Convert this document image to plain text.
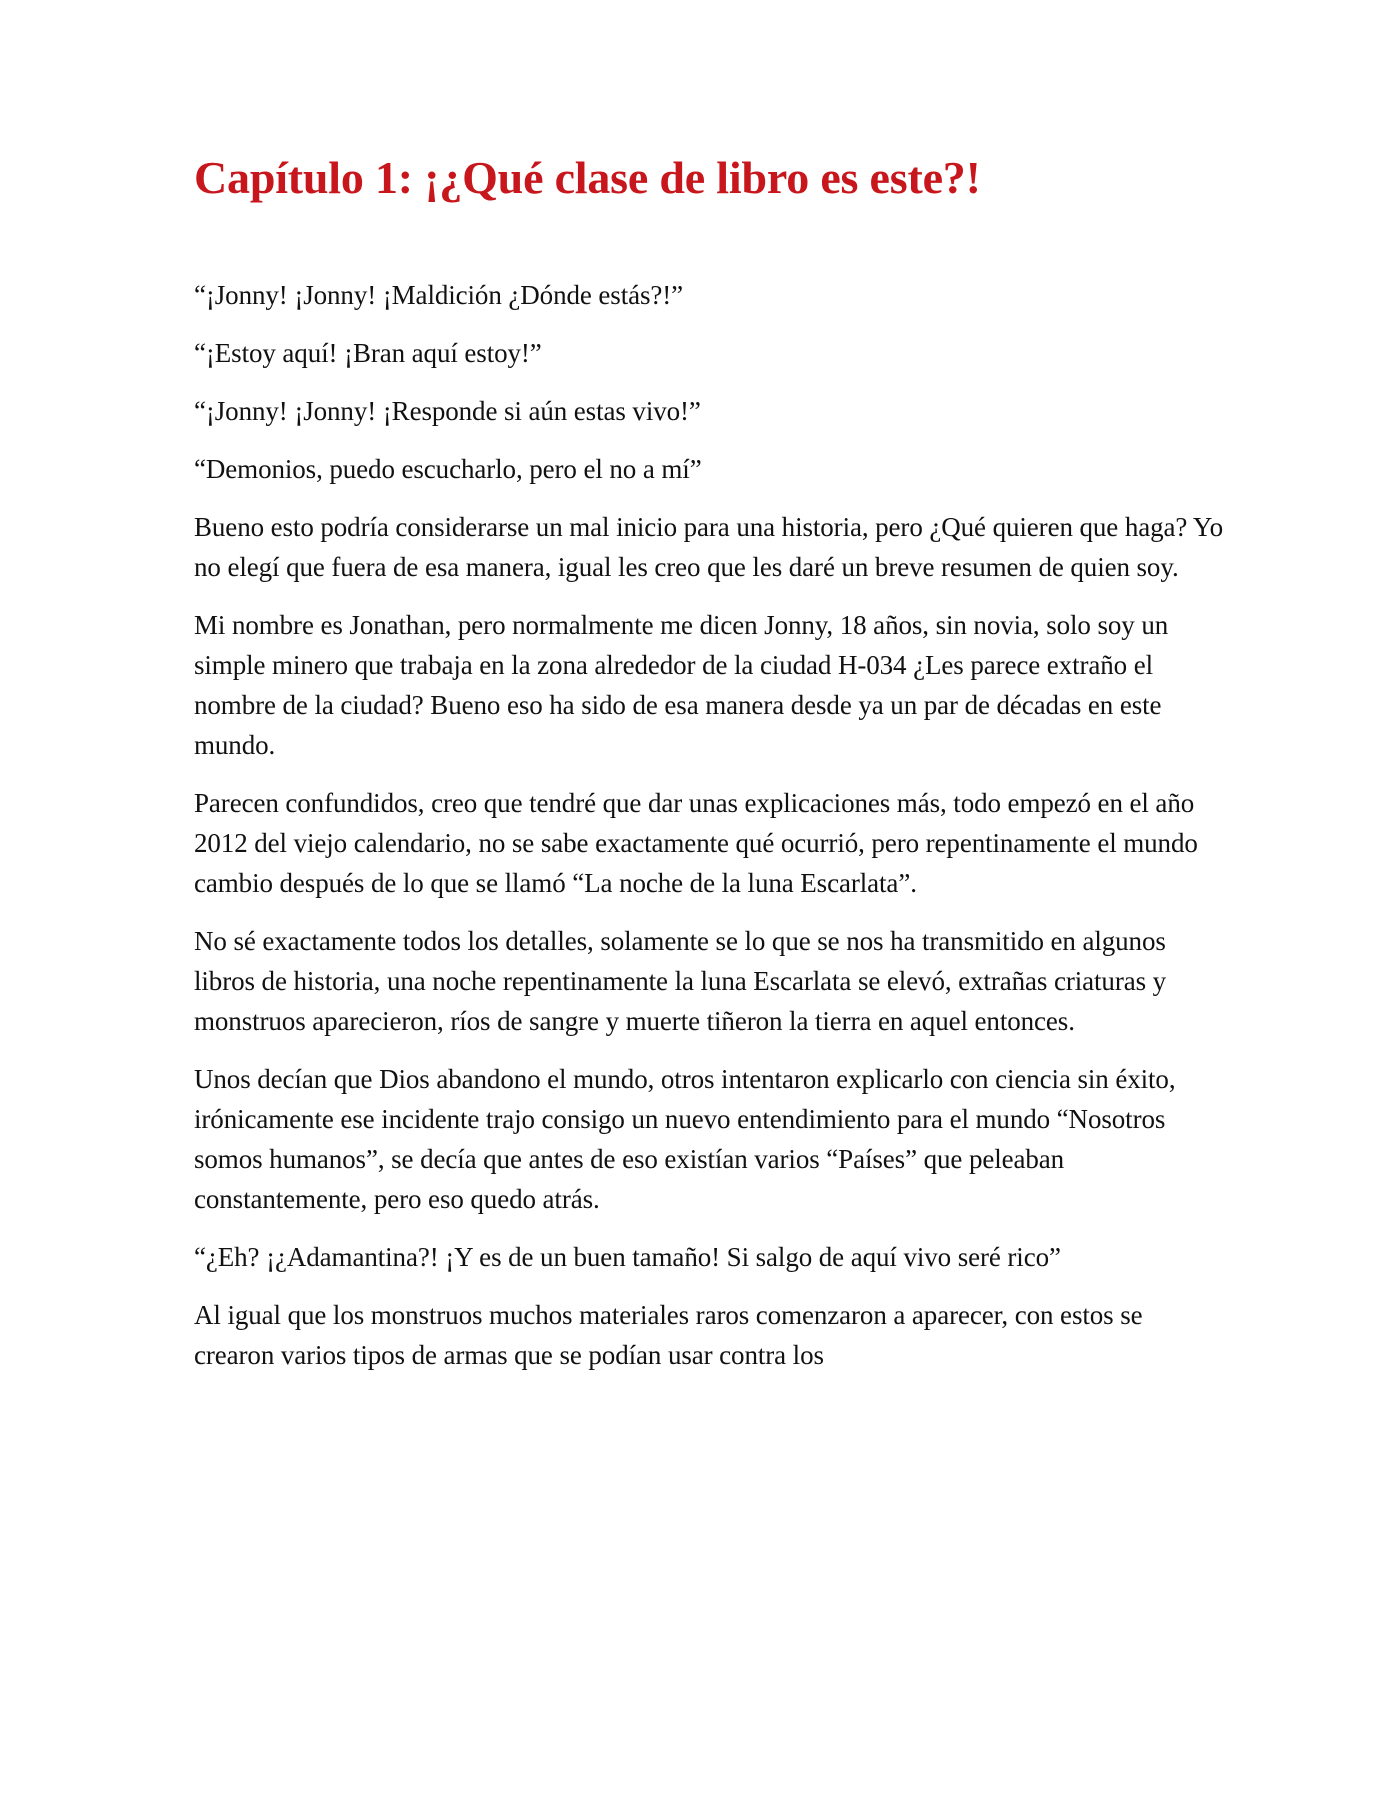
Capítulo 1: ¡¿Qué clase de libro es este?!

“¡Jonny! ¡Jonny! ¡Maldición ¿Dónde estás?!”

“¡Estoy aquí! ¡Bran aquí estoy!”

“¡Jonny! ¡Jonny! ¡Responde si aún estas vivo!”

“Demonios, puedo escucharlo, pero el no a mí”

Bueno esto podría considerarse un mal inicio para una historia, pero ¿Qué quieren que haga? Yo no elegí que fuera de esa manera, igual les creo que les daré un breve resumen de quien soy.

Mi nombre es Jonathan, pero normalmente me dicen Jonny, 18 años, sin novia, solo soy un simple minero que trabaja en la zona alrededor de la ciudad H-034 ¿Les parece extraño el nombre de la ciudad? Bueno eso ha sido de esa manera desde ya un par de décadas en este mundo.

Parecen confundidos, creo que tendré que dar unas explicaciones más, todo empezó en el año 2012 del viejo calendario, no se sabe exactamente qué ocurrió, pero repentinamente el mundo cambio después de lo que se llamó “La noche de la luna Escarlata”.

No sé exactamente todos los detalles, solamente se lo que se nos ha transmitido en algunos libros de historia, una noche repentinamente la luna Escarlata se elevó, extrañas criaturas y monstruos aparecieron, ríos de sangre y muerte tiñeron la tierra en aquel entonces.

Unos decían que Dios abandono el mundo, otros intentaron explicarlo con ciencia sin éxito, irónicamente ese incidente trajo consigo un nuevo entendimiento para el mundo “Nosotros somos humanos”, se decía que antes de eso existían varios “Países” que peleaban constantemente, pero eso quedo atrás.

“¿Eh? ¡¿Adamantina?! ¡Y es de un buen tamaño! Si salgo de aquí vivo seré rico”

Al igual que los monstruos muchos materiales raros comenzaron a aparecer, con estos se crearon varios tipos de armas que se podían usar contra los
